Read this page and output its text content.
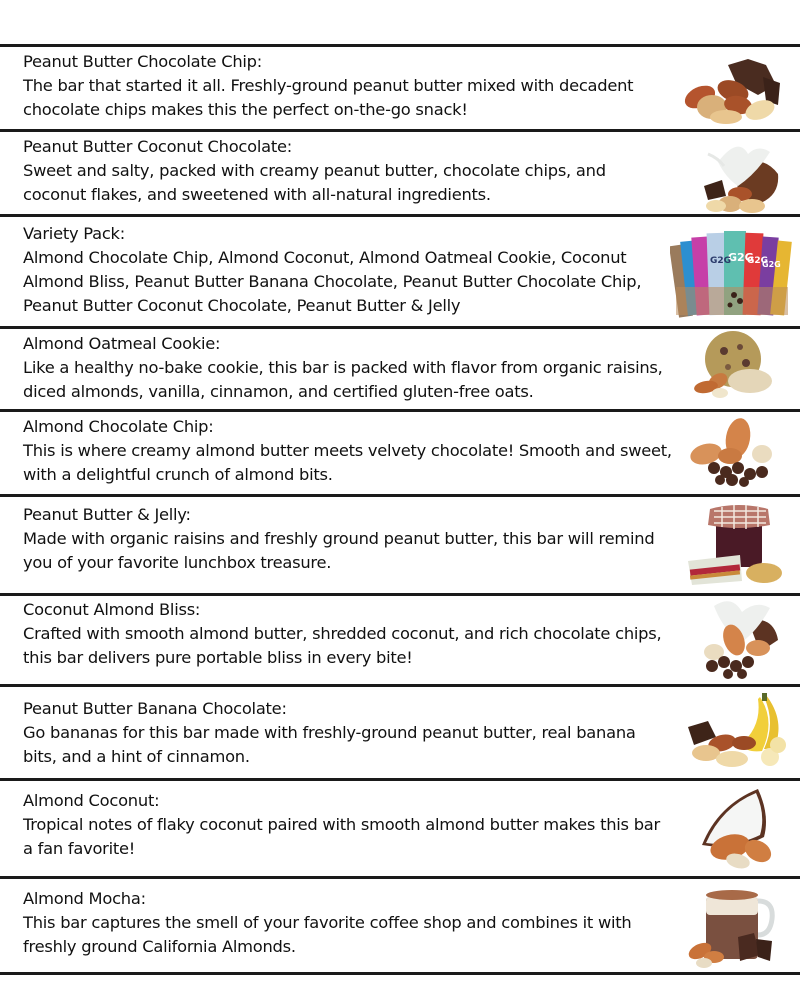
Peanut Butter Chocolate Chip:
The bar that started it all. Freshly-ground peanut butter mixed with decadent chocolate chips makes this the perfect on-the-go snack!
Peanut Butter Coconut Chocolate:
Sweet and salty, packed with creamy peanut butter, chocolate chips, and coconut flakes, and sweetened with all-natural ingredients.
Variety Pack:
Almond Chocolate Chip, Almond Coconut, Almond Oatmeal Cookie, Coconut Almond Bliss, Peanut Butter Banana Chocolate, Peanut Butter Chocolate Chip, Peanut Butter Coconut Chocolate, Peanut Butter & Jelly
G2G
G2G
G2G
G2G
Almond Oatmeal Cookie:
Like a healthy no-bake cookie, this bar is packed with flavor from organic raisins, diced almonds, vanilla, cinnamon, and certified gluten-free oats.
Almond Chocolate Chip:
This is where creamy almond butter meets velvety chocolate! Smooth and sweet, with a delightful crunch of almond bits.
Peanut Butter & Jelly:
Made with organic raisins and freshly ground peanut butter, this bar will remind you of your favorite lunchbox treasure.
Coconut Almond Bliss:
Crafted with smooth almond butter, shredded coconut, and rich chocolate chips, this bar delivers pure portable bliss in every bite!
Peanut Butter Banana Chocolate:
Go bananas for this bar made with freshly-ground peanut butter, real banana bits, and a hint of cinnamon.
Almond Coconut:
Tropical notes of flaky coconut paired with smooth almond butter makes this bar a fan favorite!
Almond Mocha:
This bar captures the smell of your favorite coffee shop and combines it with freshly ground California Almonds.
